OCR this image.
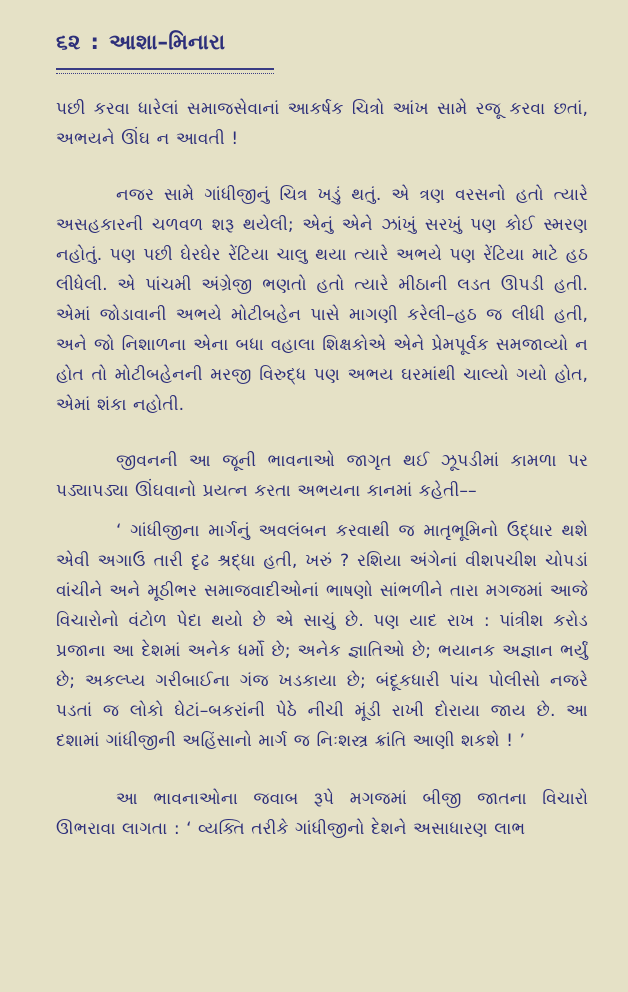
૬૨ : આશા–મિનારા

પછી કરવા ધારેલાં સમાજસેવાનાં આકર્ષક ચિત્રો આંખ સામે રજૂ કરવા છતાં, અભયને ઊંઘ ન આવતી !

નજર સામે ગાંધીજીનું ચિત્ર ખડું થતું. એ ત્રણ વરસનો હતો ત્યારે અસહકારની ચળવળ શરૂ થયેલી; એનું એને ઝાંખું સરખું પણ કોઈ સ્મરણ નહોતું. પણ પછી ઘેરઘેર રેંટિયા ચાલુ થયા ત્યારે અભયે પણ રેંટિયા માટે હઠ લીધેલી. એ પાંચમી અંગ્રેજી ભણતો હતો ત્યારે મીઠાની લડત ઊપડી હતી. એમાં જોડાવાની અભયે મોટીબહેન પાસે માગણી કરેલી–હઠ જ લીધી હતી, અને જો નિશાળના એના બધા વહાલા શિક્ષકોએ એને પ્રેમપૂર્વક સમજાવ્યો ન હોત તો મોટીબહેનની મરજી વિરુદ્ધ પણ અભય ઘરમાંથી ચાલ્યો ગયો હોત, એમાં શંકા નહોતી.

જીવનની આ જૂની ભાવનાઓ જાગૃત થઈ ઝૂપડીમાં કામળા પર પડ્યાપડ્યા ઊંઘવાનો પ્રયત્ન કરતા અભયના કાનમાં કહેતી––

‘ ગાંધીજીના માર્ગનું અવલંબન કરવાથી જ માતૃભૂમિનો ઉદ્ધાર થશે એવી અગાઉ તારી દૃઢ શ્રદ્ધા હતી, ખરું ? રશિયા અંગેનાં વીશપચીશ ચોપડાં વાંચીને અને મૂઠીભર સમાજવાદીઓનાં ભાષણો સાંભળીને તારા મગજમાં આજે વિચારોનો વંટોળ પેદા થયો છે એ સાચું છે. પણ યાદ રાખ : પાંત્રીશ કરોડ પ્રજાના આ દેશમાં અનેક ધર્મો છે; અનેક જ્ઞાતિઓ છે; ભયાનક અજ્ઞાન ભર્યું છે; અકલ્પ્ય ગરીબાઈના ગંજ ખડકાયા છે; બંદૂકધારી પાંચ પોલીસો નજરે પડતાં જ લોકો ઘેટાં–બકરાંની પેઠે નીચી મૂંડી રાખી દોરાયા જાય છે. આ દશામાં ગાંધીજીની અહિંસાનો માર્ગ જ નિઃશસ્ત્ર ક્રાંતિ આણી શકશે ! ’

આ ભાવનાઓના જવાબ રૂપે મગજમાં બીજી જાતના વિચારો ઊભરાવા લાગતા : ‘ વ્યક્તિ તરીકે ગાંધીજીનો દેશને અસાધારણ લાભ
